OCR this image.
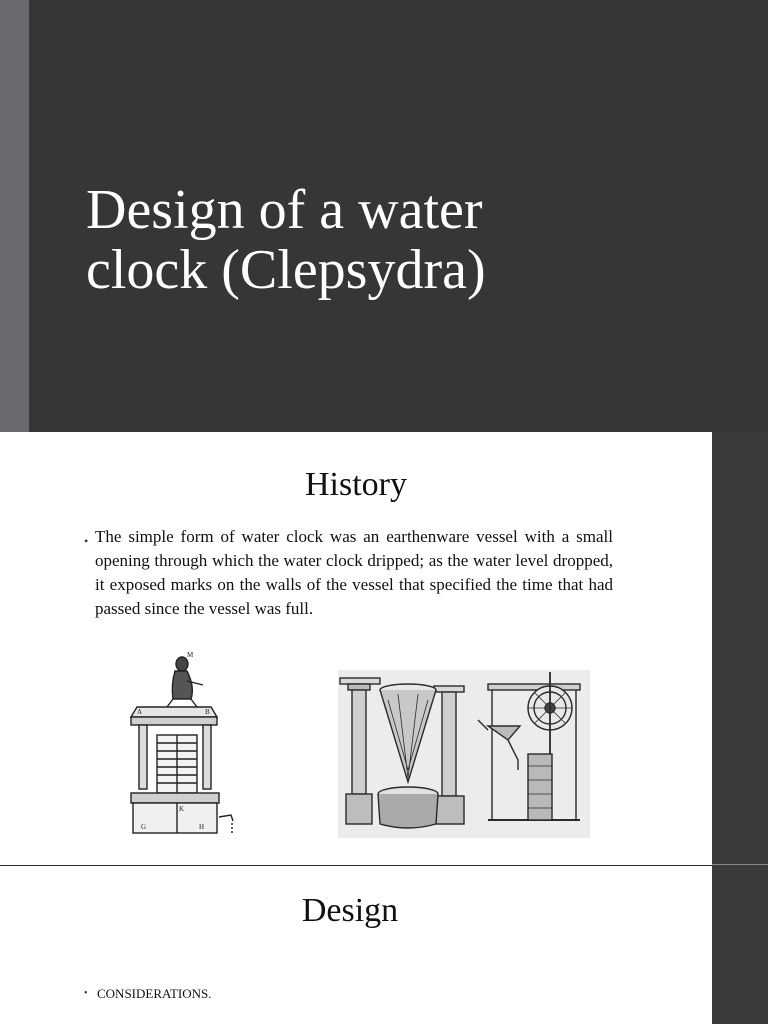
Design of a water
clock (Clepsydra)
History
• The simple form of water clock was an earthenware vessel with a small opening through which the water clock dripped; as the water level dropped, it exposed marks on the walls of the vessel that specified the time that had passed since the vessel was full.

M
A	B
G	H
K
Design
• CONSIDERATIONS.
